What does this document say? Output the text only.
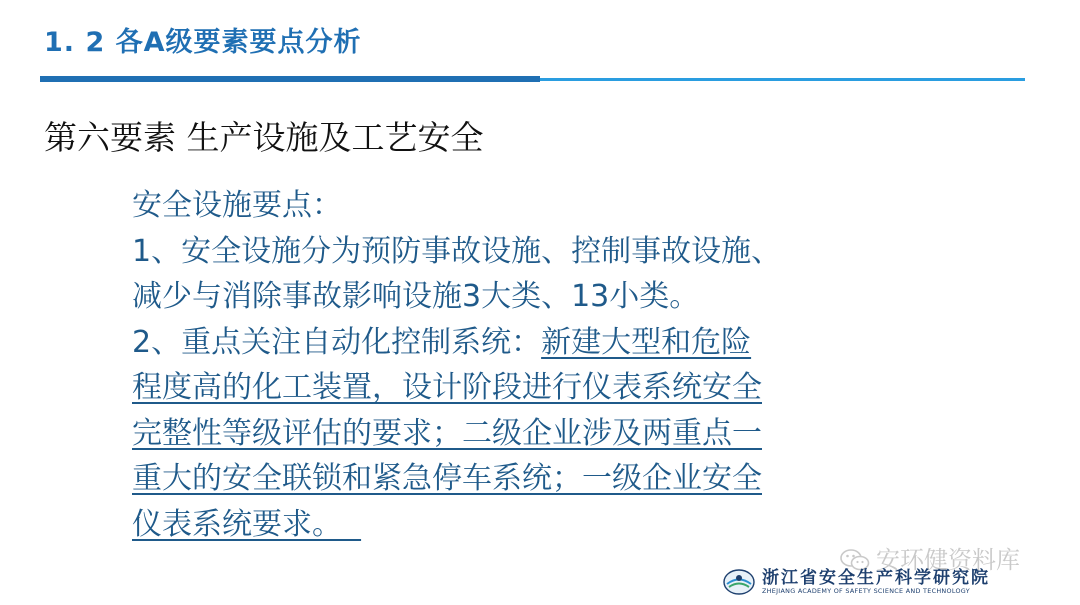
1. 2 各A级要素要点分析
第六要素 生产设施及工艺安全
安全设施要点：
1、安全设施分为预防事故设施、控制事故设施、
减少与消除事故影响设施3大类、13小类。
2、重点关注自动化控制系统：新建大型和危险
程度高的化工装置，设计阶段进行仪表系统安全
完整性等级评估的要求；二级企业涉及两重点一
重大的安全联锁和紧急停车系统；一级企业安全
仪表系统要求。
安环健资料库
浙江省安全生产科学研究院
ZHEJIANG ACADEMY OF SAFETY SCIENCE AND TECHNOLOGY
